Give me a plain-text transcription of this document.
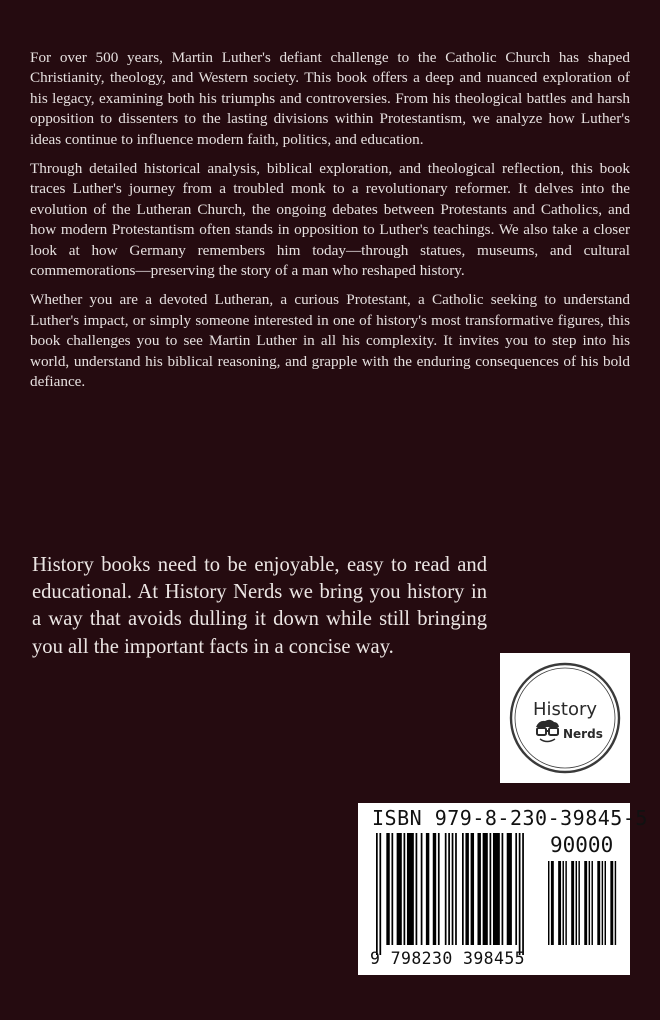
For over 500 years, Martin Luther's defiant challenge to the Catholic Church has shaped Christianity, theology, and Western society. This book offers a deep and nuanced exploration of his legacy, examining both his triumphs and controversies. From his theological battles and harsh opposition to dissenters to the lasting divisions within Protestantism, we analyze how Luther's ideas continue to influence modern faith, politics, and education.

Through detailed historical analysis, biblical exploration, and theological reflection, this book traces Luther's journey from a troubled monk to a revolutionary reformer. It delves into the evolution of the Lutheran Church, the ongoing debates between Protestants and Catholics, and how modern Protestantism often stands in opposition to Luther's teachings. We also take a closer look at how Germany remembers him today—through statues, museums, and cultural commemorations—preserving the story of a man who reshaped history.

Whether you are a devoted Lutheran, a curious Protestant, a Catholic seeking to understand Luther's impact, or simply someone interested in one of history's most transformative figures, this book challenges you to see Martin Luther in all his complexity. It invites you to step into his world, understand his biblical reasoning, and grapple with the enduring consequences of his bold defiance.

History books need to be enjoyable, easy to read and educational. At History Nerds we bring you history in a way that avoids dulling it down while still bringing you all the important facts in a concise way.

History
Nerds
ISBN 979-8-230-39845-5
90000
9 798230 398455
